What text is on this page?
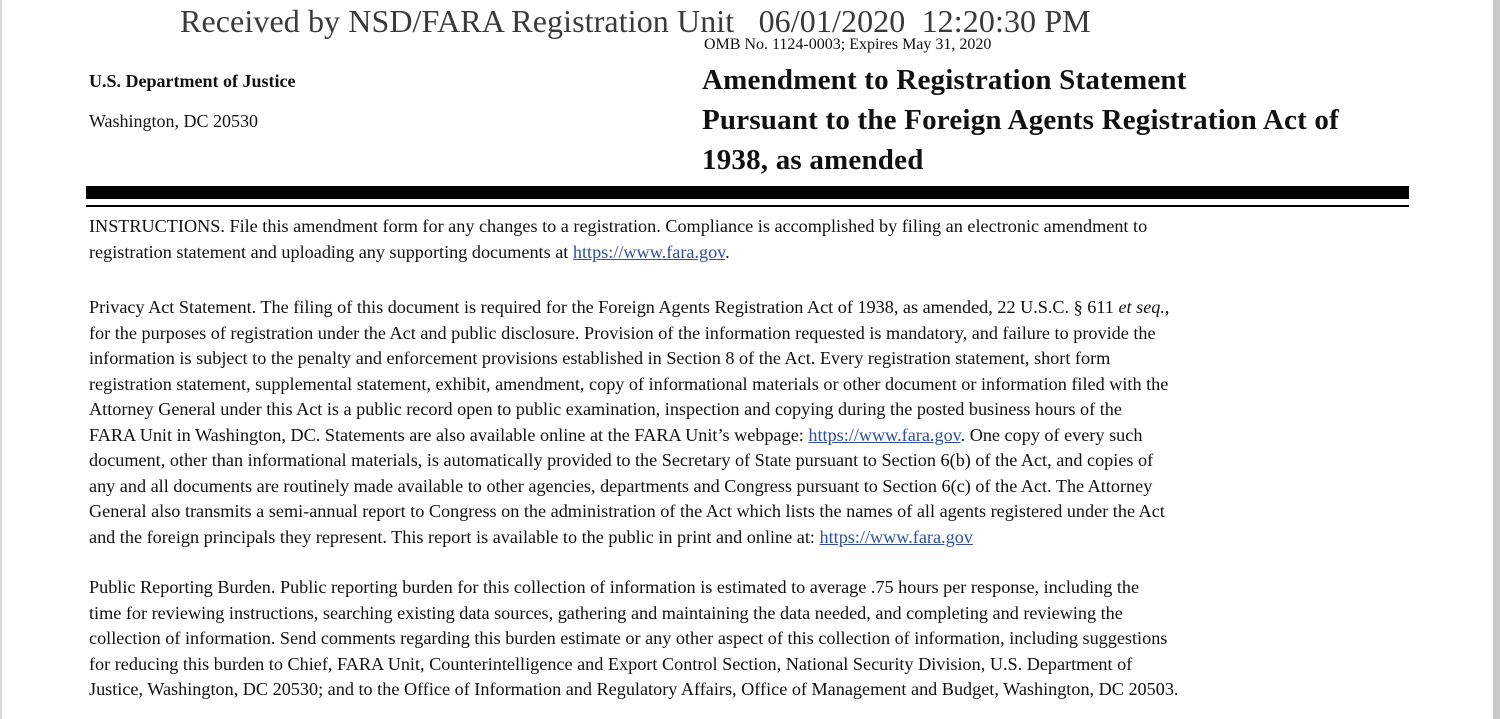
Received by NSD/FARA Registration Unit   06/01/2020  12:20:30 PM
OMB No. 1124-0003; Expires May 31, 2020
U.S. Department of Justice
Washington, DC 20530
Amendment to Registration Statement
Pursuant to the Foreign Agents Registration Act of
1938, as amended
INSTRUCTIONS. File this amendment form for any changes to a registration. Compliance is accomplished by filing an electronic amendment to
registration statement and uploading any supporting documents at https://www.fara.gov.
Privacy Act Statement. The filing of this document is required for the Foreign Agents Registration Act of 1938, as amended, 22 U.S.C. § 611 et seq.,
for the purposes of registration under the Act and public disclosure. Provision of the information requested is mandatory, and failure to provide the
information is subject to the penalty and enforcement provisions established in Section 8 of the Act. Every registration statement, short form
registration statement, supplemental statement, exhibit, amendment, copy of informational materials or other document or information filed with the
Attorney General under this Act is a public record open to public examination, inspection and copying during the posted business hours of the
FARA Unit in Washington, DC. Statements are also available online at the FARA Unit’s webpage: https://www.fara.gov. One copy of every such
document, other than informational materials, is automatically provided to the Secretary of State pursuant to Section 6(b) of the Act, and copies of
any and all documents are routinely made available to other agencies, departments and Congress pursuant to Section 6(c) of the Act. The Attorney
General also transmits a semi-annual report to Congress on the administration of the Act which lists the names of all agents registered under the Act
and the foreign principals they represent. This report is available to the public in print and online at: https://www.fara.gov
Public Reporting Burden. Public reporting burden for this collection of information is estimated to average .75 hours per response, including the
time for reviewing instructions, searching existing data sources, gathering and maintaining the data needed, and completing and reviewing the
collection of information. Send comments regarding this burden estimate or any other aspect of this collection of information, including suggestions
for reducing this burden to Chief, FARA Unit, Counterintelligence and Export Control Section, National Security Division, U.S. Department of
Justice, Washington, DC 20530; and to the Office of Information and Regulatory Affairs, Office of Management and Budget, Washington, DC 20503.
